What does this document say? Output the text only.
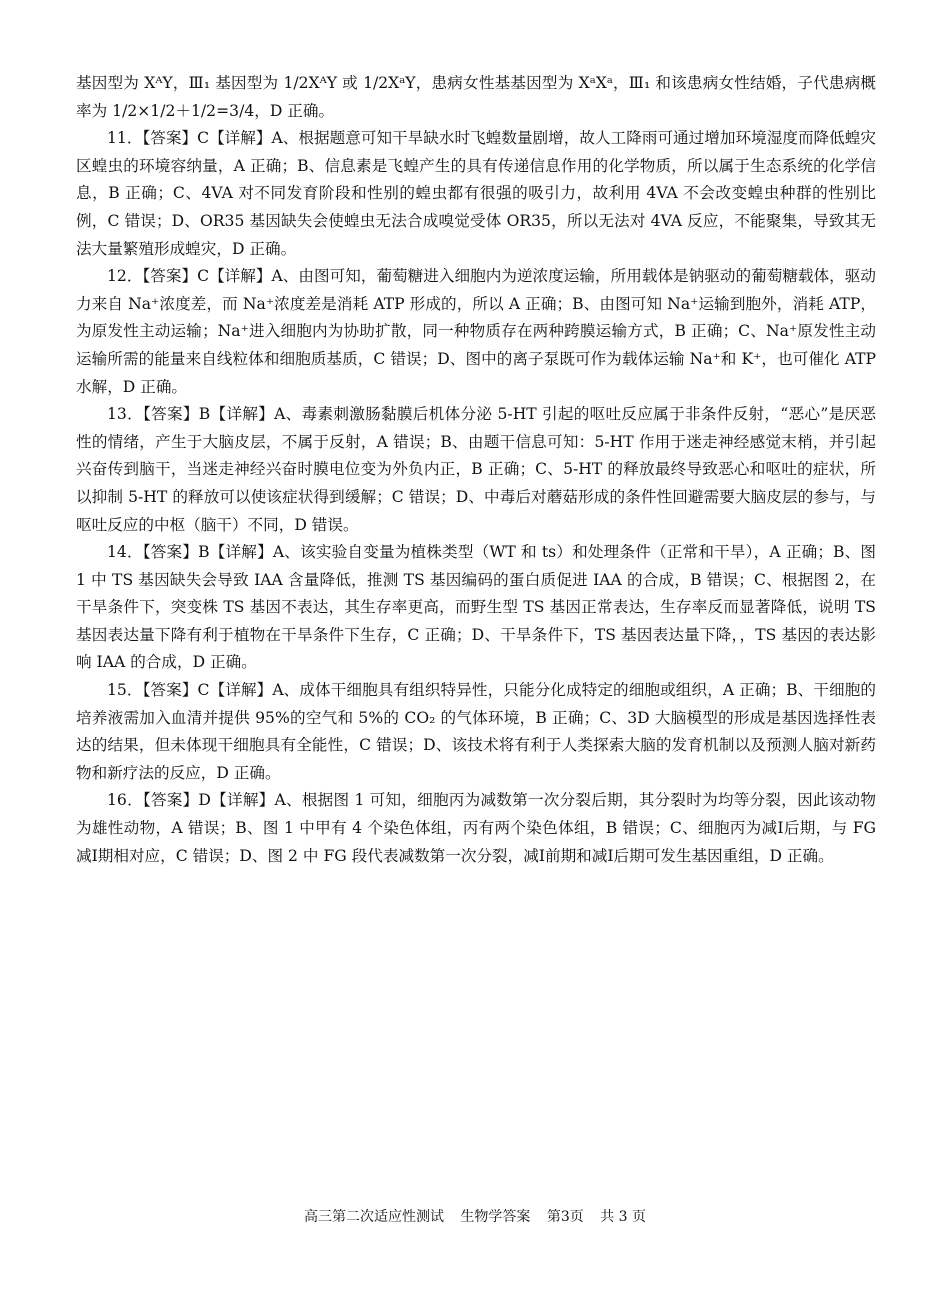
基因型为 XᴬY，Ⅲ₁ 基因型为 1/2XᴬY 或 1/2XᵃY，患病女性基基因型为 XᵃXᵃ，Ⅲ₁ 和该患病女性结婚，子代患病概率为 1/2×1/2＋1/2=3/4，D 正确。

11．【答案】C【详解】A、根据题意可知干旱缺水时飞蝗数量剧增，故人工降雨可通过增加环境湿度而降低蝗灾区蝗虫的环境容纳量，A 正确；B、信息素是飞蝗产生的具有传递信息作用的化学物质，所以属于生态系统的化学信息，B 正确；C、4VA 对不同发育阶段和性别的蝗虫都有很强的吸引力，故利用 4VA 不会改变蝗虫种群的性别比例，C 错误；D、OR35 基因缺失会使蝗虫无法合成嗅觉受体 OR35，所以无法对 4VA 反应，不能聚集，导致其无法大量繁殖形成蝗灾，D 正确。

12．【答案】C【详解】A、由图可知，葡萄糖进入细胞内为逆浓度运输，所用载体是钠驱动的葡萄糖载体，驱动力来自 Na⁺浓度差，而 Na⁺浓度差是消耗 ATP 形成的，所以 A 正确；B、由图可知 Na⁺运输到胞外，消耗 ATP，为原发性主动运输；Na⁺进入细胞内为协助扩散，同一种物质存在两种跨膜运输方式，B 正确；C、Na⁺原发性主动运输所需的能量来自线粒体和细胞质基质，C 错误；D、图中的离子泵既可作为载体运输 Na⁺和 K⁺，也可催化 ATP 水解，D 正确。

13．【答案】B【详解】A、毒素刺激肠黏膜后机体分泌 5-HT 引起的呕吐反应属于非条件反射，“恶心”是厌恶性的情绪，产生于大脑皮层，不属于反射，A 错误；B、由题干信息可知：5-HT 作用于迷走神经感觉末梢，并引起兴奋传到脑干，当迷走神经兴奋时膜电位变为外负内正，B 正确；C、5-HT 的释放最终导致恶心和呕吐的症状，所以抑制 5-HT 的释放可以使该症状得到缓解；C 错误；D、中毒后对蘑菇形成的条件性回避需要大脑皮层的参与，与呕吐反应的中枢（脑干）不同，D 错误。

14．【答案】B【详解】A、该实验自变量为植株类型（WT 和 ts）和处理条件（正常和干旱），A 正确；B、图 1 中 TS 基因缺失会导致 IAA 含量降低，推测 TS 基因编码的蛋白质促进 IAA 的合成，B 错误；C、根据图 2，在干旱条件下，突变株 TS 基因不表达，其生存率更高，而野生型 TS 基因正常表达，生存率反而显著降低，说明 TS 基因表达量下降有利于植物在干旱条件下生存，C 正确；D、干旱条件下，TS 基因表达量下降，，TS 基因的表达影响 IAA 的合成，D 正确。

15．【答案】C【详解】A、成体干细胞具有组织特异性，只能分化成特定的细胞或组织，A 正确；B、干细胞的培养液需加入血清并提供 95%的空气和 5%的 CO₂ 的气体环境，B 正确；C、3D 大脑模型的形成是基因选择性表达的结果，但未体现干细胞具有全能性，C 错误；D、该技术将有利于人类探索大脑的发育机制以及预测人脑对新药物和新疗法的反应，D 正确。

16．【答案】D【详解】A、根据图 1 可知，细胞丙为减数第一次分裂后期，其分裂时为均等分裂，因此该动物为雄性动物，A 错误；B、图 1 中甲有 4 个染色体组，丙有两个染色体组，B 错误；C、细胞丙为减Ⅰ后期，与 FG 减Ⅰ期相对应，C 错误；D、图 2 中 FG 段代表减数第一次分裂，减Ⅰ前期和减Ⅰ后期可发生基因重组，D 正确。

高三第二次适应性测试 生物学答案 第3页 共 3 页
